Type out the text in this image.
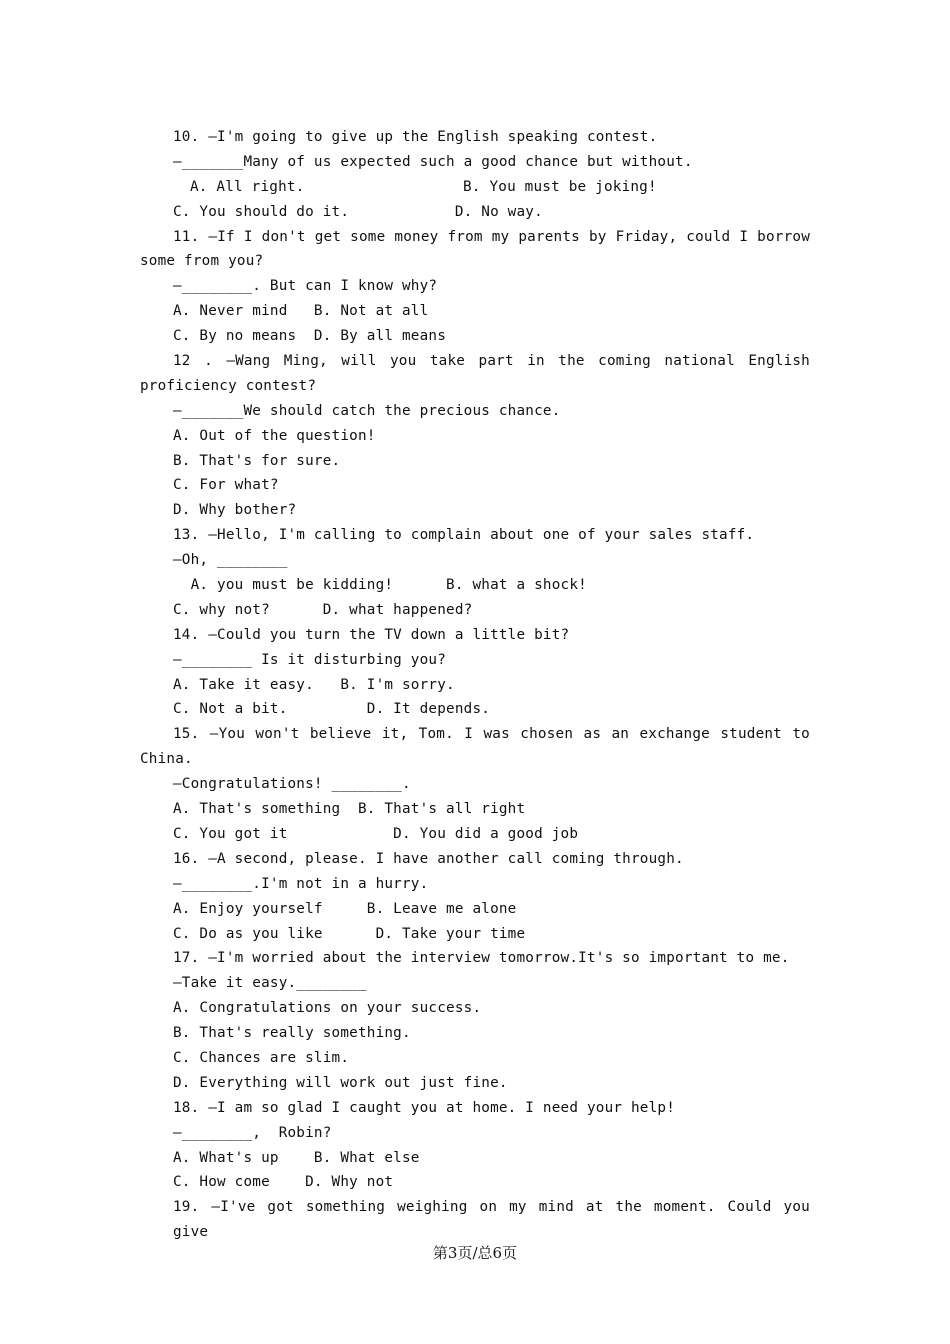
10. —I'm going to give up the English speaking contest.
—_______Many of us expected such a good chance but without.
A. All right.                  B. You must be joking!
C. You should do it.            D. No way.
11. —If I don't get some money from my parents by Friday, could I borrow
some from you?
—________. But can I know why?
A. Never mind   B. Not at all
C. By no means  D. By all means
12 . —Wang Ming, will you take part in the coming national English
proficiency contest?
—_______We should catch the precious chance.
A. Out of the question!
B. That's for sure.
C. For what?
D. Why bother?
13. —Hello, I'm calling to complain about one of your sales staff.
—Oh, ________
A. you must be kidding!      B. what a shock!
C. why not?      D. what happened?
14. —Could you turn the TV down a little bit?
—________ Is it disturbing you?
A. Take it easy.   B. I'm sorry.
C. Not a bit.         D. It depends.
15. —You won't believe it, Tom. I was chosen as an exchange student to
China.
—Congratulations! ________.
A. That's something  B. That's all right
C. You got it            D. You did a good job
16. —A second, please. I have another call coming through.
—________.I'm not in a hurry.
A. Enjoy yourself     B. Leave me alone
C. Do as you like      D. Take your time
17. —I'm worried about the interview tomorrow.It's so important to me.
—Take it easy.________
A. Congratulations on your success.
B. That's really something.
C. Chances are slim.
D. Everything will work out just fine.
18. —I am so glad I caught you at home. I need your help!
—________,  Robin?
A. What's up    B. What else
C. How come    D. Why not
19. —I've got something weighing on my mind at the moment. Could you give
第3页/总6页
